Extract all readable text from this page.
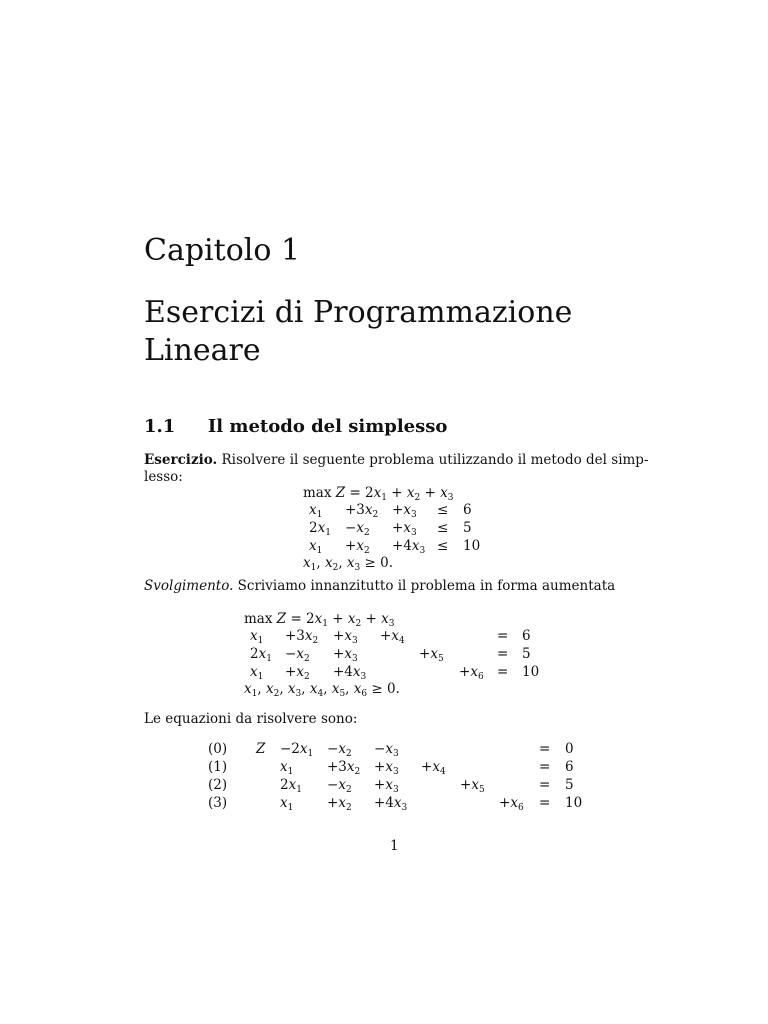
Capitolo 1
Esercizi di Programmazione
Lineare
1.1 Il metodo del simplesso
Esercizio. Risolvere il seguente problema utilizzando il metodo del simp-
lesso:
$\max Z = 2x_1 + x_2 + x_3$
$x_1 +3x_2 +x_3 \le 6$
$2x_1 -x_2 +x_3 \le 5$
$x_1 +x_2 +4x_3 \le 10$
$x_1$, $x_2$, $x_3 \ge 0$.
Svolgimento. Scriviamo innanzitutto il problema in forma aumentata
$\max Z = 2x_1 + x_2 + x_3$
$x_1 +3x_2 +x_3 +x_4$	= 6
$2x_1 -x_2 +x_3$	$+x_5$	= 5
$x_1 +x_2 +4x_3$	$+x_6 = 10$
$x_1$, $x_2$, $x_3$, $x_4$, $x_5$, $x_6 \ge 0$.
Le equazioni da risolvere sono:
(0) $Z -2x_1 -x_2 -x_3$	= 0
(1)	$x_1 +3x_2 +x_3 +x_4$	= 6
(2)	$2x_1 -x_2 +x_3$	$+x_5$	= 5
(3)	$x_1 +x_2 +4x_3$	$+x_6 = 10$
1
